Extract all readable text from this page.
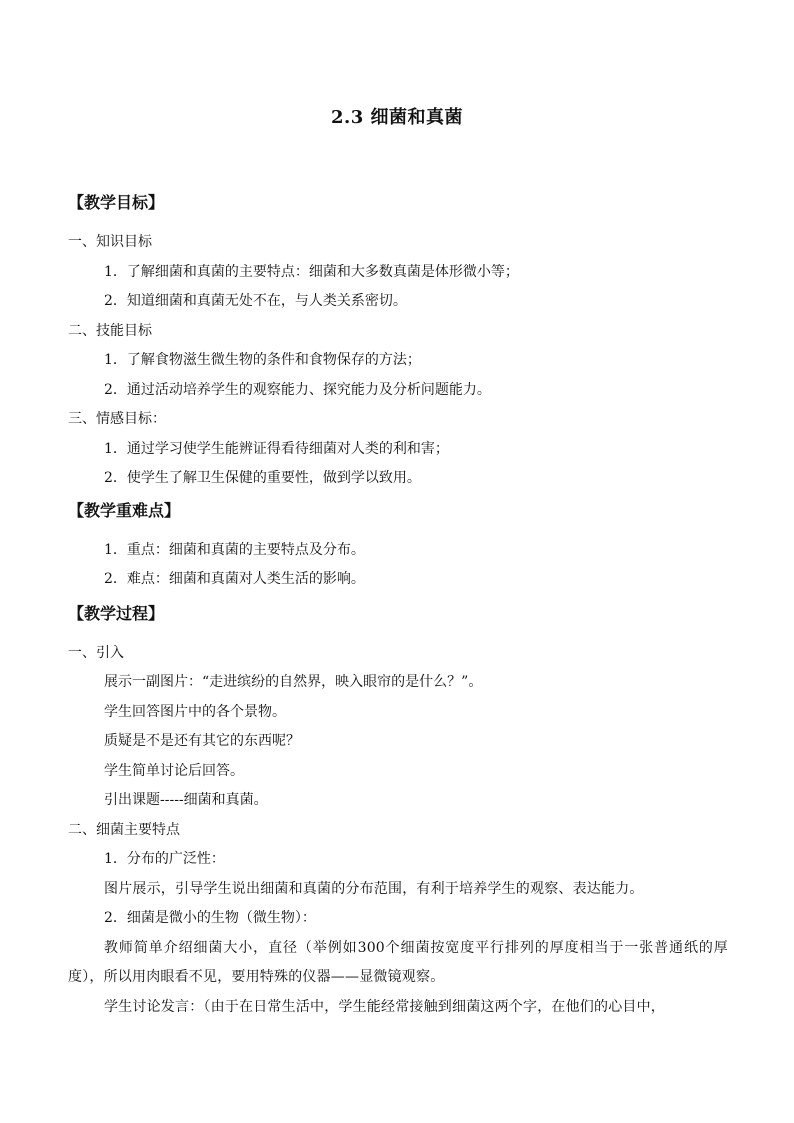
2.3 细菌和真菌
【教学目标】
一、知识目标
1．了解细菌和真菌的主要特点：细菌和大多数真菌是体形微小等；
2．知道细菌和真菌无处不在，与人类关系密切。
二、技能目标
1．了解食物滋生微生物的条件和食物保存的方法；
2．通过活动培养学生的观察能力、探究能力及分析问题能力。
三、情感目标：
1．通过学习使学生能辨证得看待细菌对人类的利和害；
2．使学生了解卫生保健的重要性，做到学以致用。
【教学重难点】
1．重点：细菌和真菌的主要特点及分布。
2．难点：细菌和真菌对人类生活的影响。
【教学过程】
一、引入
展示一副图片：“走进缤纷的自然界，映入眼帘的是什么？”。
学生回答图片中的各个景物。
质疑是不是还有其它的东西呢？
学生简单讨论后回答。
引出课题-----细菌和真菌。
二、细菌主要特点
1．分布的广泛性：
图片展示，引导学生说出细菌和真菌的分布范围，有利于培养学生的观察、表达能力。
2．细菌是微小的生物（微生物）：
教师简单介绍细菌大小，直径（举例如300个细菌按宽度平行排列的厚度相当于一张普通纸的厚度），所以用肉眼看不见，要用特殊的仪器——显微镜观察。
学生讨论发言：（由于在日常生活中，学生能经常接触到细菌这两个字，在他们的心目中，
